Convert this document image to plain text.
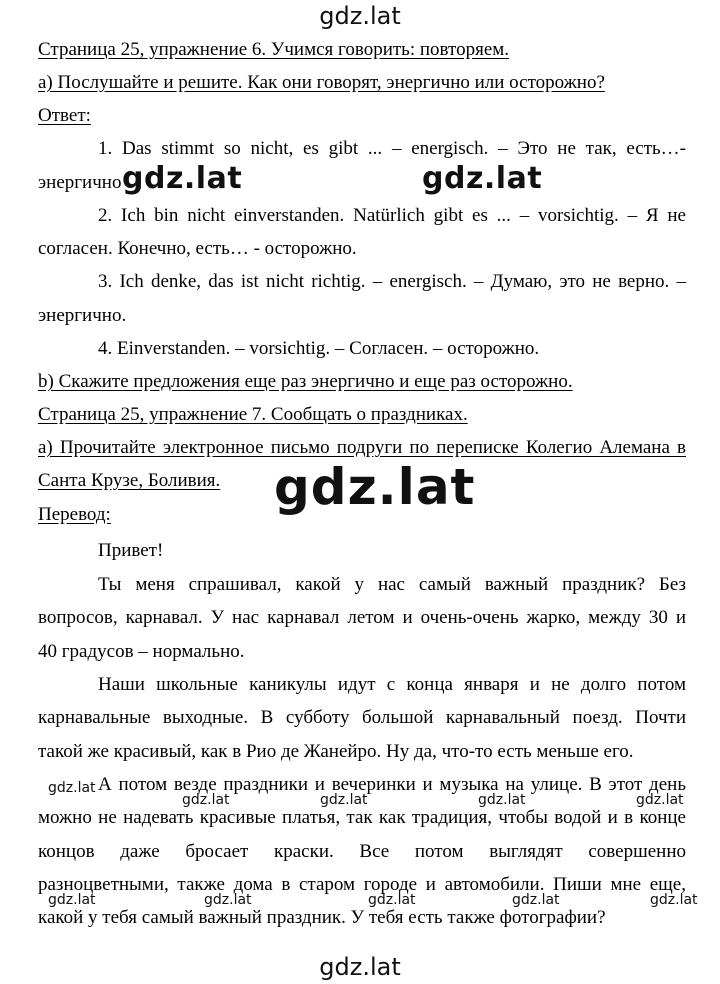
gdz.lat
Страница 25, упражнение 6. Учимся говорить: повторяем.
а) Послушайте и решите. Как они говорят, энергично или осторожно?
Ответ:
1. Das stimmt so nicht, es gibt ... – energisch. – Это не так, есть…-
энергично gdz.lat	gdz.lat
2. Ich bin nicht einverstanden. Natürlich gibt es ... – vorsichtig. – Я не
согласен. Конечно, есть… - осторожно.
3. Ich denke, das ist nicht richtig. – energisch. – Думаю, это не верно. –
энергично.
4. Einverstanden. – vorsichtig. – Согласен. – осторожно.
b) Скажите предложения еще раз энергично и еще раз осторожно.
Страница 25, упражнение 7. Сообщать о праздниках.
а) Прочитайте электронное письмо подруги по переписке Колегио Алемана в
Санта Крузе, Боливия. gdz.lat
Перевод:
Привет!
Ты меня спрашивал, какой у нас самый важный праздник? Без
вопросов, карнавал. У нас карнавал летом и очень-очень жарко, между 30 и
40 градусов – нормально.
Наши школьные каникулы идут с конца января и не долго потом
карнавальные выходные. В субботу большой карнавальный поезд. Почти
такой же красивый, как в Рио де Жанейро. Ну да, что-то есть меньше его.
А потом везде праздники и вечеринки и музыка на улице. В этот день
можно не надевать красивые платья, так как традиция, чтобы водой и в конце
концов даже бросает краски. Все потом выглядят совершенно
разноцветными, также дома в старом городе и автомобили. Пиши мне еще,
какой у тебя самый важный праздник. У тебя есть также фотографии?
gdz.lat
gdz.lat	gdz.lat	gdz.lat	gdz.lat
gdz.lat	gdz.lat	gdz.lat	gdz.lat	gdz.lat
gdz.lat
